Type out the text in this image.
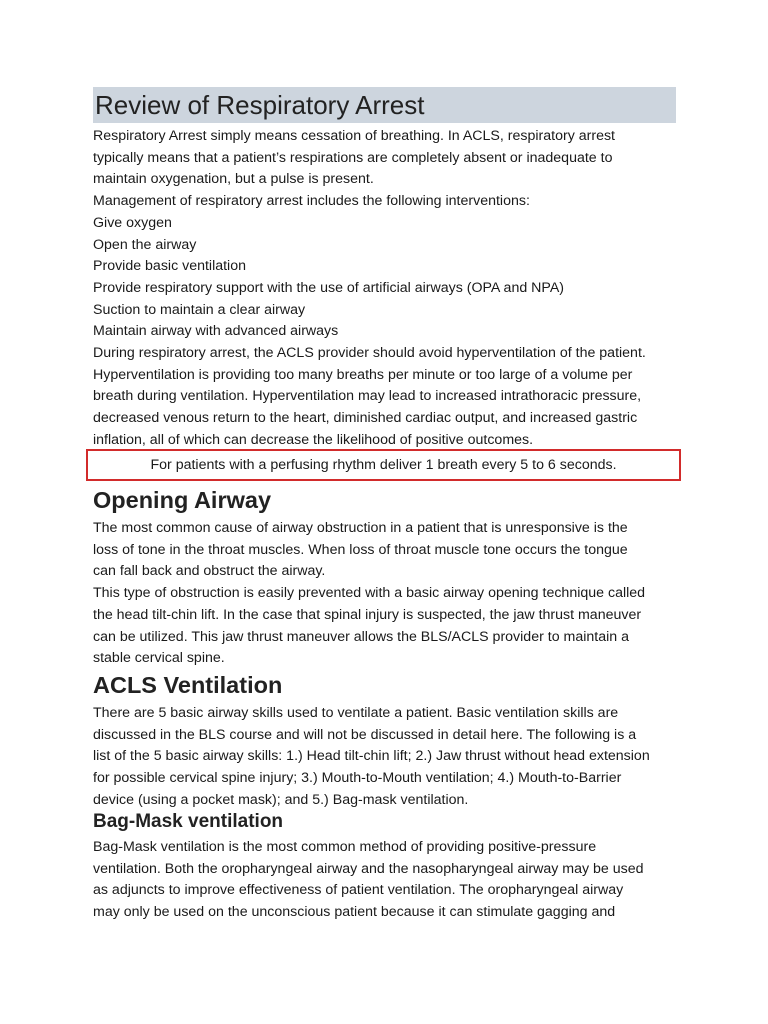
Review of Respiratory Arrest

Respiratory Arrest simply means cessation of breathing. In ACLS, respiratory arrest

typically means that a patient’s respirations are completely absent or inadequate to

maintain oxygenation, but a pulse is present.

Management of respiratory arrest includes the following interventions:

Give oxygen

Open the airway

Provide basic ventilation

Provide respiratory support with the use of artificial airways (OPA and NPA)

Suction to maintain a clear airway

Maintain airway with advanced airways

During respiratory arrest, the ACLS provider should avoid hyperventilation of the patient.

Hyperventilation is providing too many breaths per minute or too large of a volume per

breath during ventilation. Hyperventilation may lead to increased intrathoracic pressure,

decreased venous return to the heart, diminished cardiac output, and increased gastric

inflation, all of which can decrease the likelihood of positive outcomes.

For patients with a perfusing rhythm deliver 1 breath every 5 to 6 seconds.
Opening Airway

The most common cause of airway obstruction in a patient that is unresponsive is the

loss of tone in the throat muscles. When loss of throat muscle tone occurs the tongue

can fall back and obstruct the airway.

This type of obstruction is easily prevented with a basic airway opening technique called

the head tilt-chin lift. In the case that spinal injury is suspected, the jaw thrust maneuver

can be utilized. This jaw thrust maneuver allows the BLS/ACLS provider to maintain a

stable cervical spine.

ACLS Ventilation

There are 5 basic airway skills used to ventilate a patient. Basic ventilation skills are

discussed in the BLS course and will not be discussed in detail here. The following is a

list of the 5 basic airway skills: 1.) Head tilt-chin lift; 2.) Jaw thrust without head extension

for possible cervical spine injury; 3.) Mouth-to-Mouth ventilation; 4.) Mouth-to-Barrier

device (using a pocket mask); and 5.) Bag-mask ventilation.

Bag-Mask ventilation

Bag-Mask ventilation is the most common method of providing positive-pressure

ventilation. Both the oropharyngeal airway and the nasopharyngeal airway may be used

as adjuncts to improve effectiveness of patient ventilation. The oropharyngeal airway

may only be used on the unconscious patient because it can stimulate gagging and
